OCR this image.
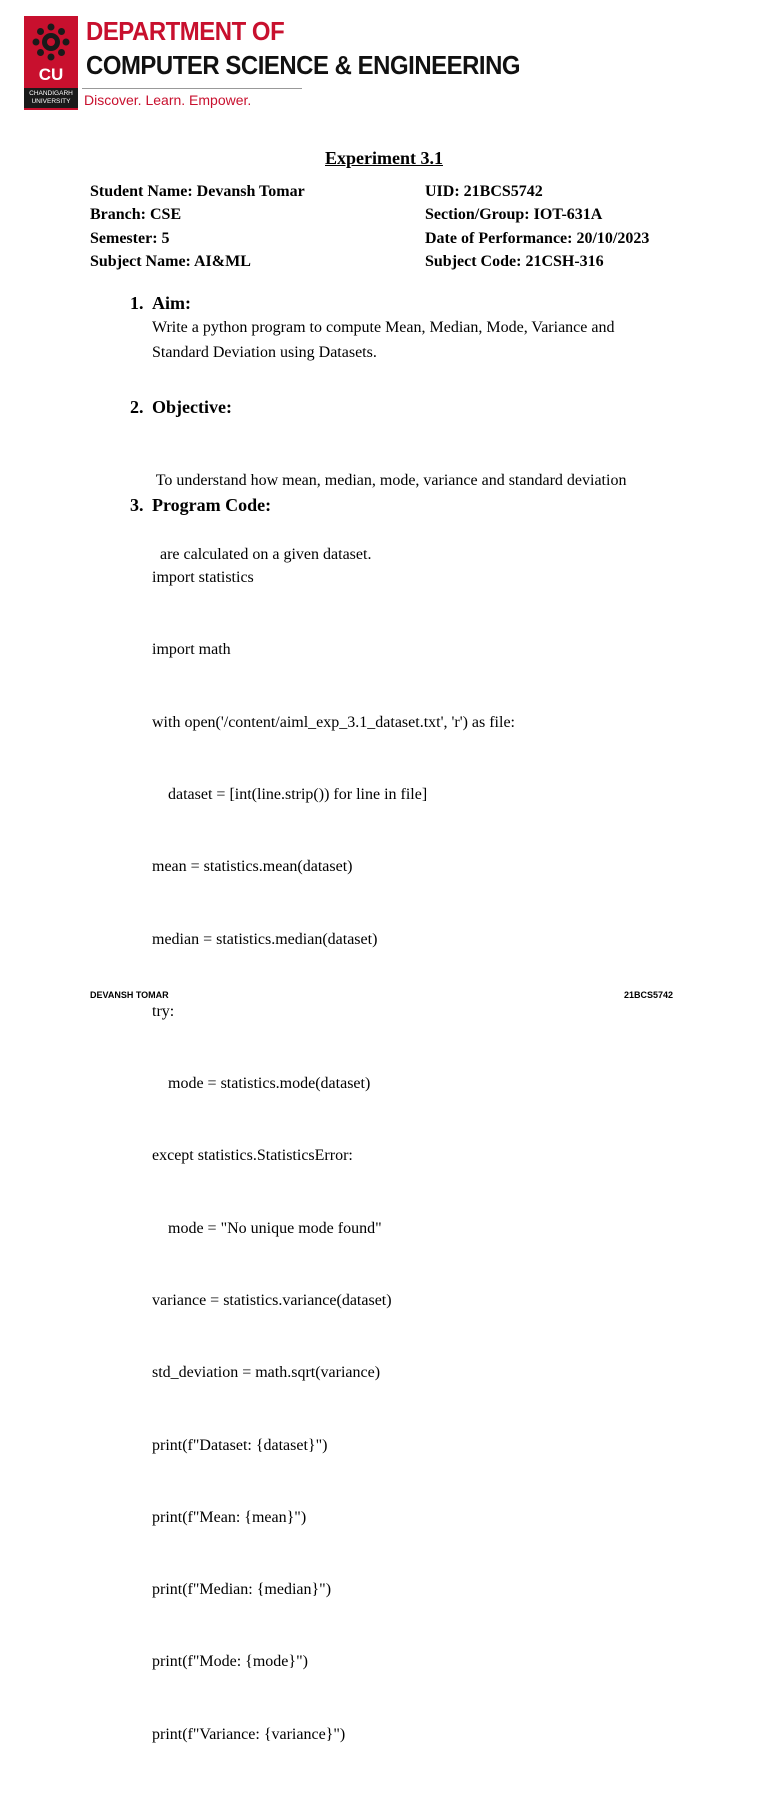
CU
CHANDIGARH UNIVERSITY
DEPARTMENT OF
COMPUTER SCIENCE & ENGINEERING
Discover. Learn. Empower.
Experiment 3.1
Student Name: Devansh Tomar
Branch: CSE
Semester: 5
Subject Name: AI&ML
UID: 21BCS5742
Section/Group: IOT-631A
Date of Performance: 20/10/2023
Subject Code: 21CSH-316
1. Aim:
Write a python program to compute Mean, Median, Mode, Variance and
Standard Deviation using Datasets.
2. Objective:

To understand how mean, median, mode, variance and standard deviation

are calculated on a given dataset.

3. Program Code:

import statistics

import math

with open('/content/aiml_exp_3.1_dataset.txt', 'r') as file:

dataset = [int(line.strip()) for line in file]

mean = statistics.mean(dataset)

median = statistics.median(dataset)

try:

mode = statistics.mode(dataset)

except statistics.StatisticsError:

mode = "No unique mode found"

variance = statistics.variance(dataset)

std_deviation = math.sqrt(variance)

print(f"Dataset: {dataset}")

print(f"Mean: {mean}")

print(f"Median: {median}")

print(f"Mode: {mode}")

print(f"Variance: {variance}")

DEVANSH TOMAR	21BCS5742
